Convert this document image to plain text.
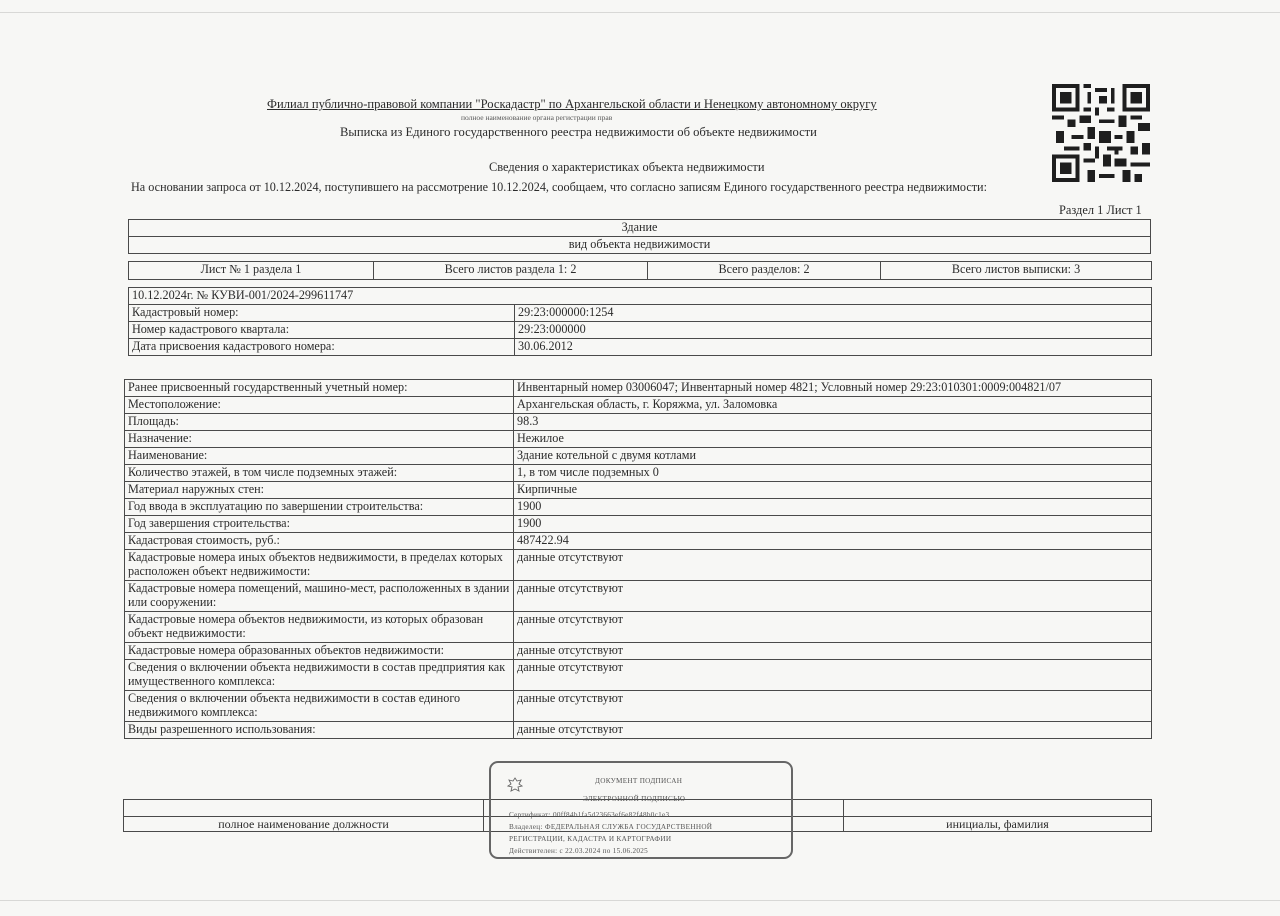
Филиал публично-правовой компании "Роскадастр" по Архангельской области и Ненецкому автономному округу
полное наименование органа регистрации прав
Выписка из Единого государственного реестра недвижимости об объекте недвижимости
Сведения о характеристиках объекта недвижимости
На основании запроса от 10.12.2024, поступившего на рассмотрение 10.12.2024, сообщаем, что согласно записям Единого государственного реестра недвижимости:
Раздел 1 Лист 1
Здание
вид объекта недвижимости
Лист № 1 раздела 1	Всего листов раздела 1: 2	Всего разделов: 2	Всего листов выписки: 3
10.12.2024г. № КУВИ-001/2024-299611747	
Кадастровый номер:	29:23:000000:1254
Номер кадастрового квартала:	29:23:000000
Дата присвоения кадастрового номера:	30.06.2012
Ранее присвоенный государственный учетный номер:	Инвентарный номер 03006047; Инвентарный номер 4821; Условный номер 29:23:010301:0009:004821/07
Местоположение:	Архангельская область, г. Коряжма, ул. Заломовка
Площадь:	98.3
Назначение:	Нежилое
Наименование:	Здание котельной с двумя котлами
Количество этажей, в том числе подземных этажей:	1, в том числе подземных 0
Материал наружных стен:	Кирпичные
Год ввода в эксплуатацию по завершении строительства:	1900
Год завершения строительства:	1900
Кадастровая стоимость, руб.:	487422.94
Кадастровые номера иных объектов недвижимости, в пределах которых расположен объект недвижимости:	данные отсутствуют
Кадастровые номера помещений, машино-мест, расположенных в здании или сооружении:	данные отсутствуют
Кадастровые номера объектов недвижимости, из которых образован объект недвижимости:	данные отсутствуют
Кадастровые номера образованных объектов недвижимости:	данные отсутствуют
Сведения о включении объекта недвижимости в состав предприятия как имущественного комплекса:	данные отсутствуют
Сведения о включении объекта недвижимости в состав единого недвижимого комплекса:	данные отсутствуют
Виды разрешенного использования:	данные отсутствуют

полное наименование должности		инициалы, фамилия
ДОКУМЕНТ ПОДПИСАН
ЭЛЕКТРОННОЙ ПОДПИСЬЮ
Сертификат: 00ff84b1fa5d23663ef6e82f48b0c1e3
Владелец: ФЕДЕРАЛЬНАЯ СЛУЖБА ГОСУДАРСТВЕННОЙ
РЕГИСТРАЦИИ, КАДАСТРА И КАРТОГРАФИИ
Действителен: с 22.03.2024 по 15.06.2025
